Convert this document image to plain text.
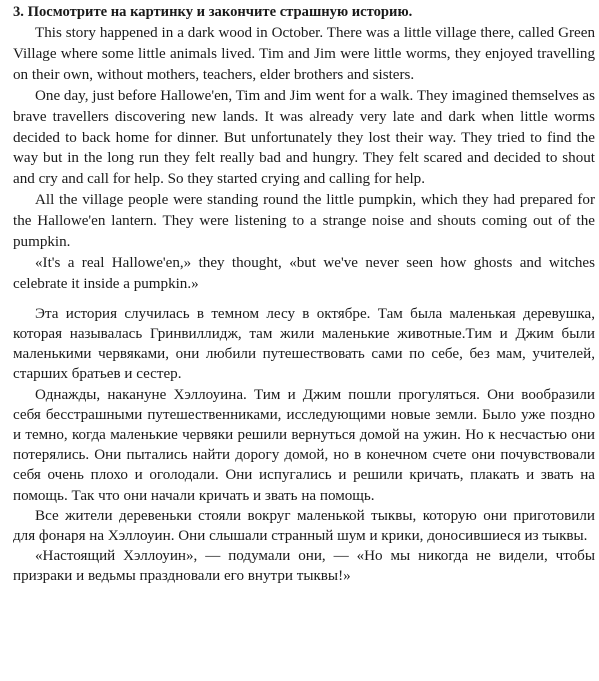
3. Посмотрите на картинку и закончите страшную историю.

This story happened in a dark wood in October. There was a little village there, called Green Village where some little animals lived. Tim and Jim were little worms, they enjoyed travelling on their own, without mothers, teachers, elder brothers and sisters.

One day, just before Hallowe'en, Tim and Jim went for a walk. They imagined themselves as brave travellers discovering new lands. It was already very late and dark when little worms decided to back home for dinner. But unfortunately they lost their way. They tried to find the way but in the long run they felt really bad and hungry. They felt scared and decided to shout and cry and call for help. So they started crying and calling for help.

All the village people were standing round the little pumpkin, which they had prepared for the Hallowe'en lantern. They were listening to a strange noise and shouts coming out of the pumpkin.

«It's a real Hallowe'en,» they thought, «but we've never seen how ghosts and witches celebrate it inside a pumpkin.»

Эта история случилась в темном лесу в октябре. Там была маленькая деревушка, которая называлась Гринвиллидж, там жили маленькие животные.Тим и Джим были маленькими червяками, они любили путешествовать сами по себе, без мам, учителей, старших братьев и сестер.

Однажды, накануне Хэллоуина. Тим и Джим пошли прогуляться. Они вообразили себя бесстрашными путешественниками, исследующими новые земли. Было уже поздно и темно, когда маленькие червяки решили вернуться домой на ужин. Но к несчастью они потерялись. Они пытались найти дорогу домой, но в конечном счете они почувствовали себя очень плохо и оголодали. Они испугались и решили кричать, плакать и звать на помощь. Так что они начали кричать и звать на помощь.

Все жители деревеньки стояли вокруг маленькой тыквы, которую они приготовили для фонаря на Хэллоуин. Они слышали странный шум и крики, доносившиеся из тыквы.

«Настоящий Хэллоуин», — подумали они, — «Но мы никогда не видели, чтобы призраки и ведьмы праздновали его внутри тыквы!»
